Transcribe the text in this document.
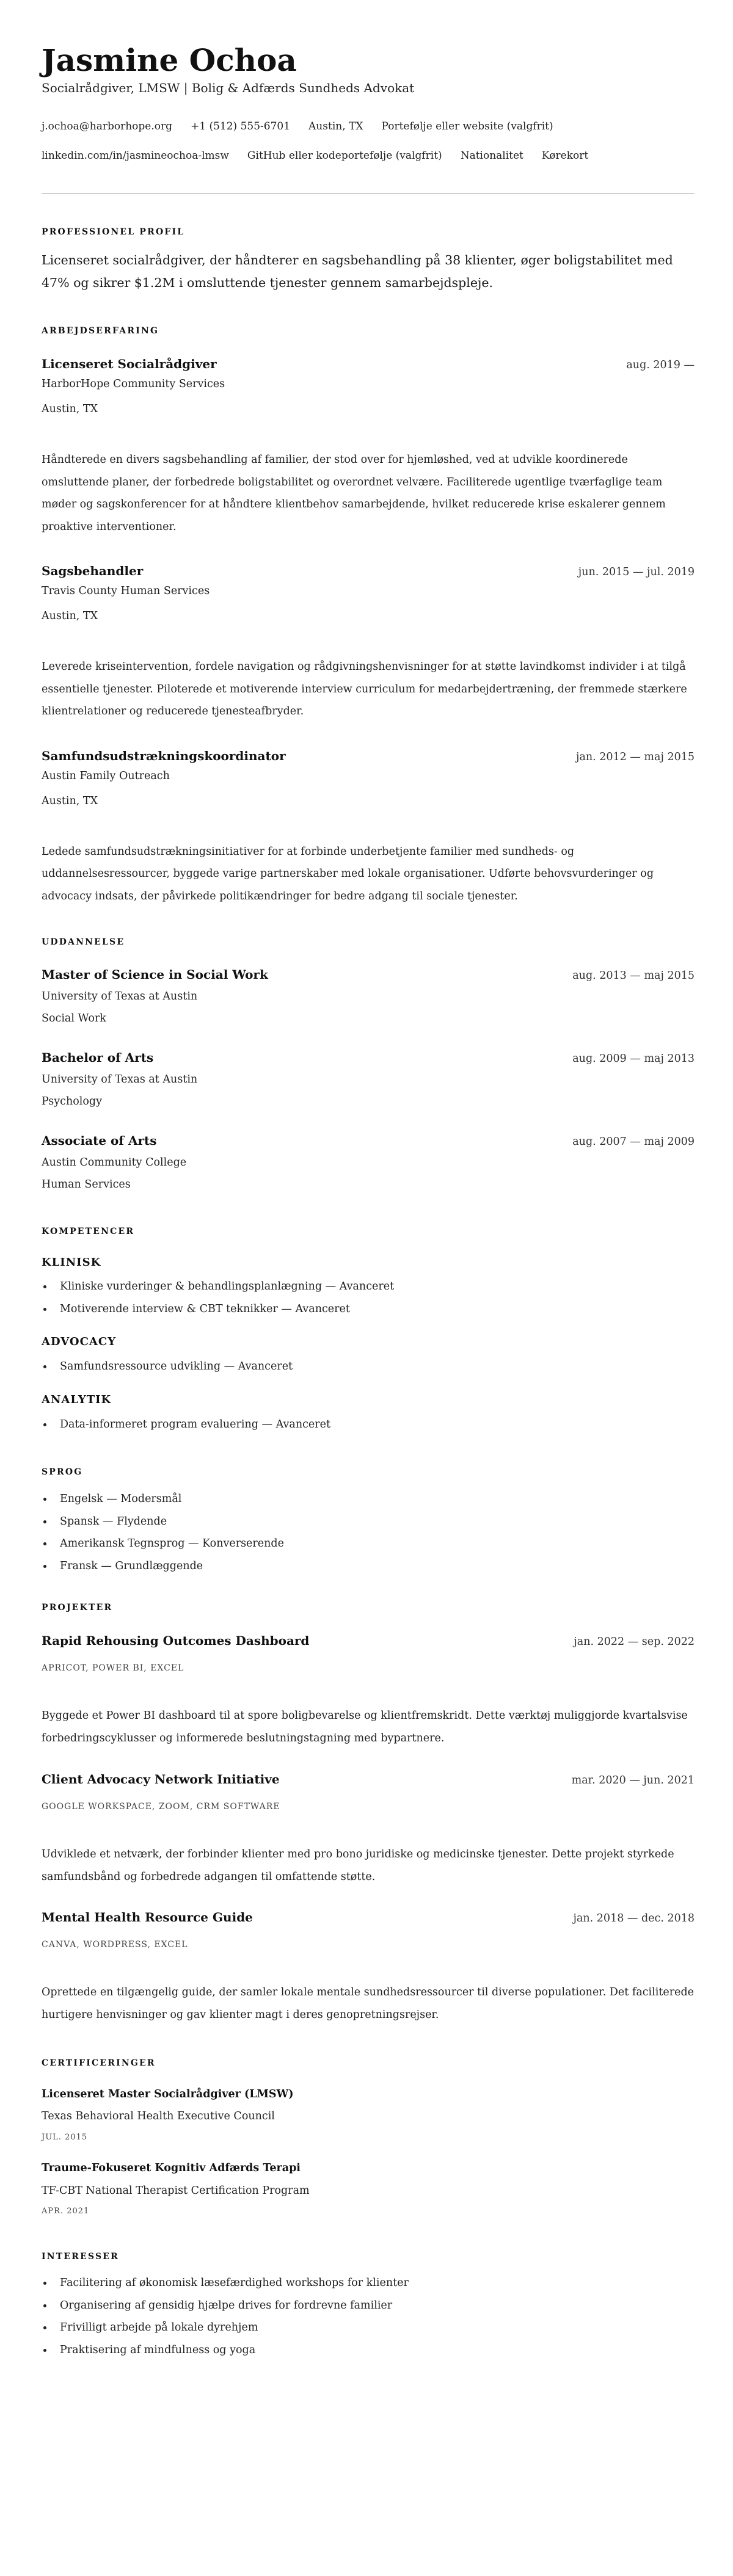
Jasmine Ochoa

Socialrådgiver, LMSW | Bolig & Adfærds Sundheds Advokat

j.ochoa@harborhope.org +1 (512) 555-6701 Austin, TX Portefølje eller website (valgfrit)
linkedin.com/in/jasmineochoa-lmsw GitHub eller kodeportefølje (valgfrit) Nationalitet Kørekort
PROFESSIONEL PROFIL

Licenseret socialrådgiver, der håndterer en sagsbehandling på 38 klienter, øger boligstabilitet med 47% og sikrer $1.2M i omsluttende tjenester gennem samarbejdspleje.

ARBEJDSERFARING
Licenseret Socialrådgiver	aug. 2019 —
HarborHope Community Services
Austin, TX

Håndterede en divers sagsbehandling af familier, der stod over for hjemløshed, ved at udvikle koordinerede omsluttende planer, der forbedrede boligstabilitet og overordnet velvære. Faciliterede ugentlige tværfaglige team møder og sagskonferencer for at håndtere klientbehov samarbejdende, hvilket reducerede krise eskalerer gennem proaktive interventioner.

Sagsbehandler	jun. 2015 — jul. 2019
Travis County Human Services
Austin, TX

Leverede kriseintervention, fordele navigation og rådgivningshenvisninger for at støtte lavindkomst individer i at tilgå essentielle tjenester. Piloterede et motiverende interview curriculum for medarbejdertræning, der fremmede stærkere klientrelationer og reducerede tjenesteafbryder.

Samfundsudstrækningskoordinator	jan. 2012 — maj 2015
Austin Family Outreach
Austin, TX

Ledede samfundsudstrækningsinitiativer for at forbinde underbetjente familier med sundheds- og uddannelsesressourcer, byggede varige partnerskaber med lokale organisationer. Udførte behovsvurderinger og advocacy indsats, der påvirkede politikændringer for bedre adgang til sociale tjenester.

UDDANNELSE
Master of Science in Social Work	aug. 2013 — maj 2015
University of Texas at Austin
Social Work
Bachelor of Arts	aug. 2009 — maj 2013
University of Texas at Austin
Psychology
Associate of Arts	aug. 2007 — maj 2009
Austin Community College
Human Services
KOMPETENCER
KLINISK
Kliniske vurderinger & behandlingsplanlægning — Avanceret
Motiverende interview & CBT teknikker — Avanceret
ADVOCACY
Samfundsressource udvikling — Avanceret
ANALYTIK
Data-informeret program evaluering — Avanceret
SPROG
Engelsk — Modersmål
Spansk — Flydende
Amerikansk Tegnsprog — Konverserende
Fransk — Grundlæggende
PROJEKTER
Rapid Rehousing Outcomes Dashboard	jan. 2022 — sep. 2022
APRICOT, POWER BI, EXCEL

Byggede et Power BI dashboard til at spore boligbevarelse og klientfremskridt. Dette værktøj muliggjorde kvartalsvise forbedringscyklusser og informerede beslutningstagning med bypartnere.

Client Advocacy Network Initiative	mar. 2020 — jun. 2021
GOOGLE WORKSPACE, ZOOM, CRM SOFTWARE

Udviklede et netværk, der forbinder klienter med pro bono juridiske og medicinske tjenester. Dette projekt styrkede samfundsbånd og forbedrede adgangen til omfattende støtte.

Mental Health Resource Guide	jan. 2018 — dec. 2018
CANVA, WORDPRESS, EXCEL

Oprettede en tilgængelig guide, der samler lokale mentale sundhedsressourcer til diverse populationer. Det faciliterede hurtigere henvisninger og gav klienter magt i deres genopretningsrejser.

CERTIFICERINGER
Licenseret Master Socialrådgiver (LMSW)
Texas Behavioral Health Executive Council
JUL. 2015
Traume-Fokuseret Kognitiv Adfærds Terapi
TF-CBT National Therapist Certification Program
APR. 2021
INTERESSER
Facilitering af økonomisk læsefærdighed workshops for klienter
Organisering af gensidig hjælpe drives for fordrevne familier
Frivilligt arbejde på lokale dyrehjem
Praktisering af mindfulness og yoga
